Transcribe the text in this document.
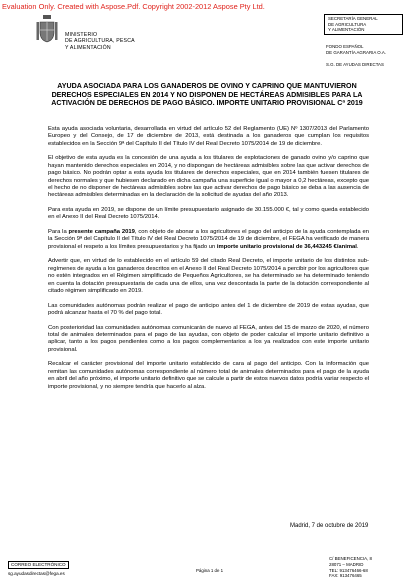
Evaluation Only. Created with Aspose.Pdf. Copyright 2002-2012 Aspose Pty Ltd.
MINISTERIO
DE AGRICULTURA, PESCA
Y ALIMENTACIÓN
SECRETARÍA GENERAL
DE AGRICULTURA
Y ALIMENTACIÓN
FONDO ESPAÑOL
DE GARANTÍA AGRARIA O.A.
S.G. DE AYUDAS DIRECTAS
AYUDA ASOCIADA PARA LOS GANADEROS DE OVINO Y CAPRINO QUE MANTUVIERON DERECHOS ESPECIALES EN 2014 Y NO DISPONEN DE HECTÁREAS ADMISIBLES PARA LA ACTIVACIÓN DE DERECHOS DE PAGO BÁSICO. IMPORTE UNITARIO PROVISIONAL Cª 2019

Esta ayuda asociada voluntaria, desarrollada en virtud del artículo 52 del Reglamento (UE) Nº 1307/2013 del Parlamento Europeo y del Consejo, de 17 de diciembre de 2013, está destinada a los ganaderos que cumplan los requisitos establecidos en la Sección 9ª del Capítulo II del Título IV del Real Decreto 1075/2014 de 19 de diciembre.

El objetivo de esta ayuda es la concesión de una ayuda a los titulares de explotaciones de ganado ovino y/o caprino que hayan mantenido derechos especiales en 2014, y no dispongan de hectáreas admisibles sobre las que activar derechos de pago básico. No podrán optar a esta ayuda los titulares de derechos especiales, que en 2014 también fuesen titulares de derechos normales y que hubiesen declarado en dicha campaña una superficie igual o mayor a 0,2 hectáreas, excepto que el hecho de no disponer de hectáreas admisibles sobre las que activar derechos de pago básico se deba a las ausencia de hectáreas admisibles determinadas en la declaración de la solicitud de ayudas del año 2013.

Para esta ayuda en 2019, se dispone de un límite presupuestario asignado de 30.155.000 €, tal y como queda establecido en el Anexo II del Real Decreto 1075/2014.

Para la presente campaña 2019, con objeto de abonar a los agricultores el pago del anticipo de la ayuda contemplada en la Sección 9ª del Capítulo II del Título IV del Real Decreto 1075/2014 de 19 de diciembre, el FEGA ha verificado de manera provisional el respeto a los límites presupuestarios y ha fijado un importe unitario provisional de 36,443245 €/animal.

Advertir que, en virtud de lo establecido en el artículo 59 del citado Real Decreto, el importe unitario de los distintos sub-regímenes de ayuda a los ganaderos descritos en el Anexo II del Real Decreto 1075/2014 a percibir por los agricultores que no estén integrados en el Régimen simplificado de Pequeños Agricultores, se ha determinado se ha determinado teniendo en cuenta la dotación presupuestaria de cada una de ellos, una vez descontada la parte de la dotación correspondiente al citado régimen simplificado en 2019.

Las comunidades autónomas podrán realizar el pago de anticipo antes del 1 de diciembre de 2019 de estas ayudas, que podrá alcanzar hasta el 70 % del pago total.

Con posterioridad las comunidades autónomas comunicarán de nuevo al FEGA, antes del 15 de marzo de 2020, el número total de animales determinados para el pago de las ayudas, con objeto de poder calcular el importe unitario definitivo a aplicar, tanto a los pagos pendientes como a los pagos complementarios a los ya realizados con este importe unitario provisional.

Recalcar el carácter provisional del importe unitario establecido de cara al pago del anticipo. Con la información que remitan las comunidades autónomas correspondiente al número total de animales determinados para el pago de la ayuda en abril del año próximo, el importe unitario definitivo que se calcule a partir de estos nuevos datos podría variar respecto el importe provisional, y no siempre tendría que hacerlo al alza.

Madrid, 7 de octubre de 2019
CORREO ELECTRÓNICO
sg.ayudasdirectas@fega.es
Página 1 de 1
C/ BENEFICENCIA, 8
28071 – MADRID
TEL: 913476466-68
FAX: 913476465
